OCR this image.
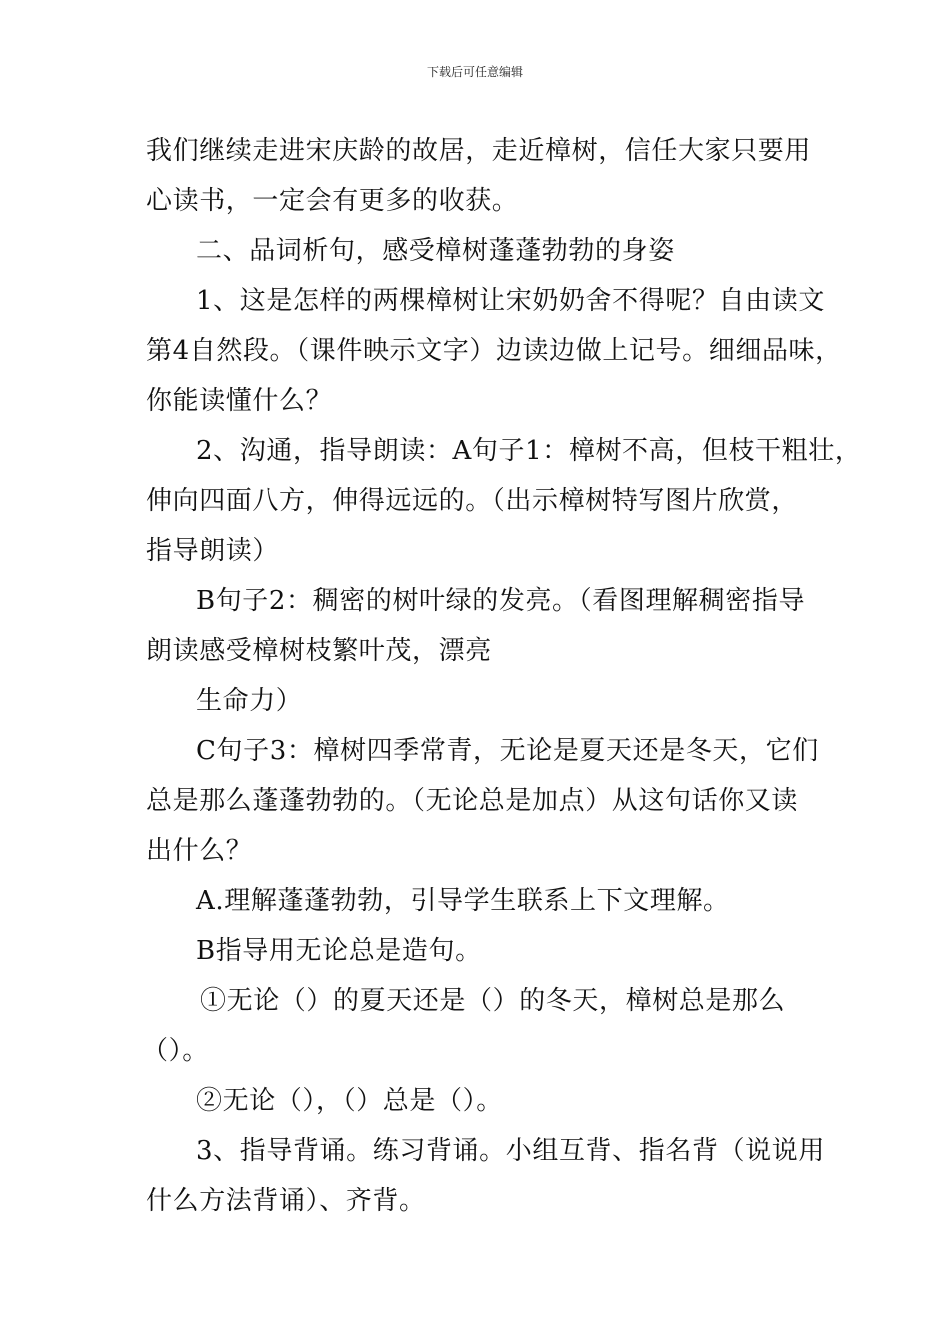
下载后可任意编辑
我们继续走进宋庆龄的故居，走近樟树，信任大家只要用
心读书，一定会有更多的收获。
二、品词析句，感受樟树蓬蓬勃勃的身姿
1、这是怎样的两棵樟树让宋奶奶舍不得呢？自由读文
第4自然段。（课件映示文字）边读边做上记号。细细品味，
你能读懂什么？
2、沟通，指导朗读：A句子1：樟树不高，但枝干粗壮，
伸向四面八方，伸得远远的。（出示樟树特写图片欣赏，
指导朗读）
B句子2：稠密的树叶绿的发亮。（看图理解稠密指导
朗读感受樟树枝繁叶茂，漂亮
生命力）
C句子3：樟树四季常青，无论是夏天还是冬天，它们
总是那么蓬蓬勃勃的。（无论总是加点）从这句话你又读
出什么？
A.理解蓬蓬勃勃，引导学生联系上下文理解。
B指导用无论总是造句。
①无论（）的夏天还是（）的冬天，樟树总是那么
（）。
②无论（），（）总是（）。
3、指导背诵。练习背诵。小组互背、指名背（说说用
什么方法背诵）、齐背。
